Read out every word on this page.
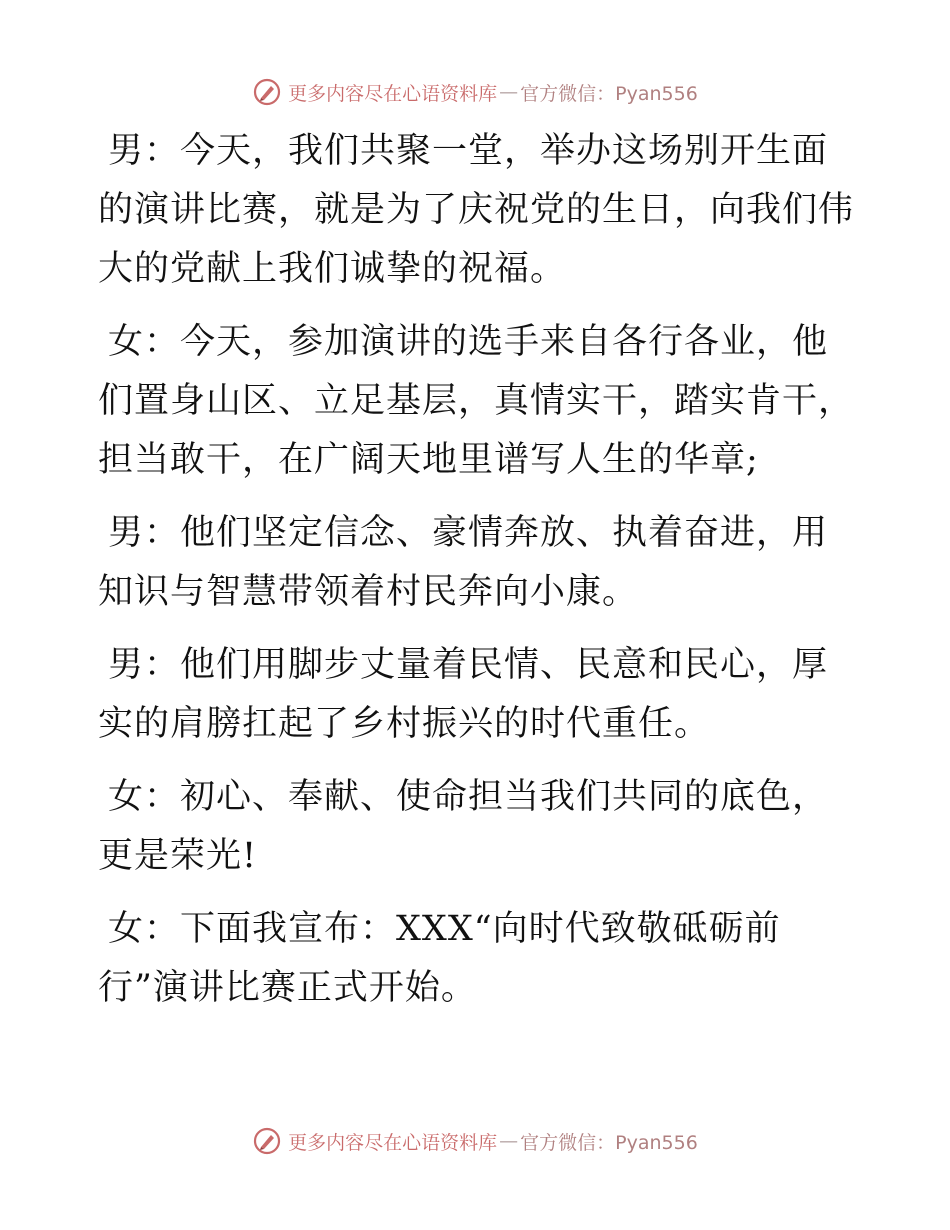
更多内容尽在心语资料库 — 官方微信：Pyan556

男：今天，我们共聚一堂，举办这场别开生面的演讲比赛，就是为了庆祝党的生日，向我们伟大的党献上我们诚挚的祝福。

女：今天，参加演讲的选手来自各行各业，他们置身山区、立足基层，真情实干，踏实肯干，担当敢干，在广阔天地里谱写人生的华章;

男：他们坚定信念、豪情奔放、执着奋进，用知识与智慧带领着村民奔向小康。

男：他们用脚步丈量着民情、民意和民心，厚实的肩膀扛起了乡村振兴的时代重任。

女：初心、奉献、使命担当我们共同的底色，更是荣光!

女：下面我宣布：XXX“向时代致敬砥砺前行”演讲比赛正式开始。

更多内容尽在心语资料库 — 官方微信：Pyan556
